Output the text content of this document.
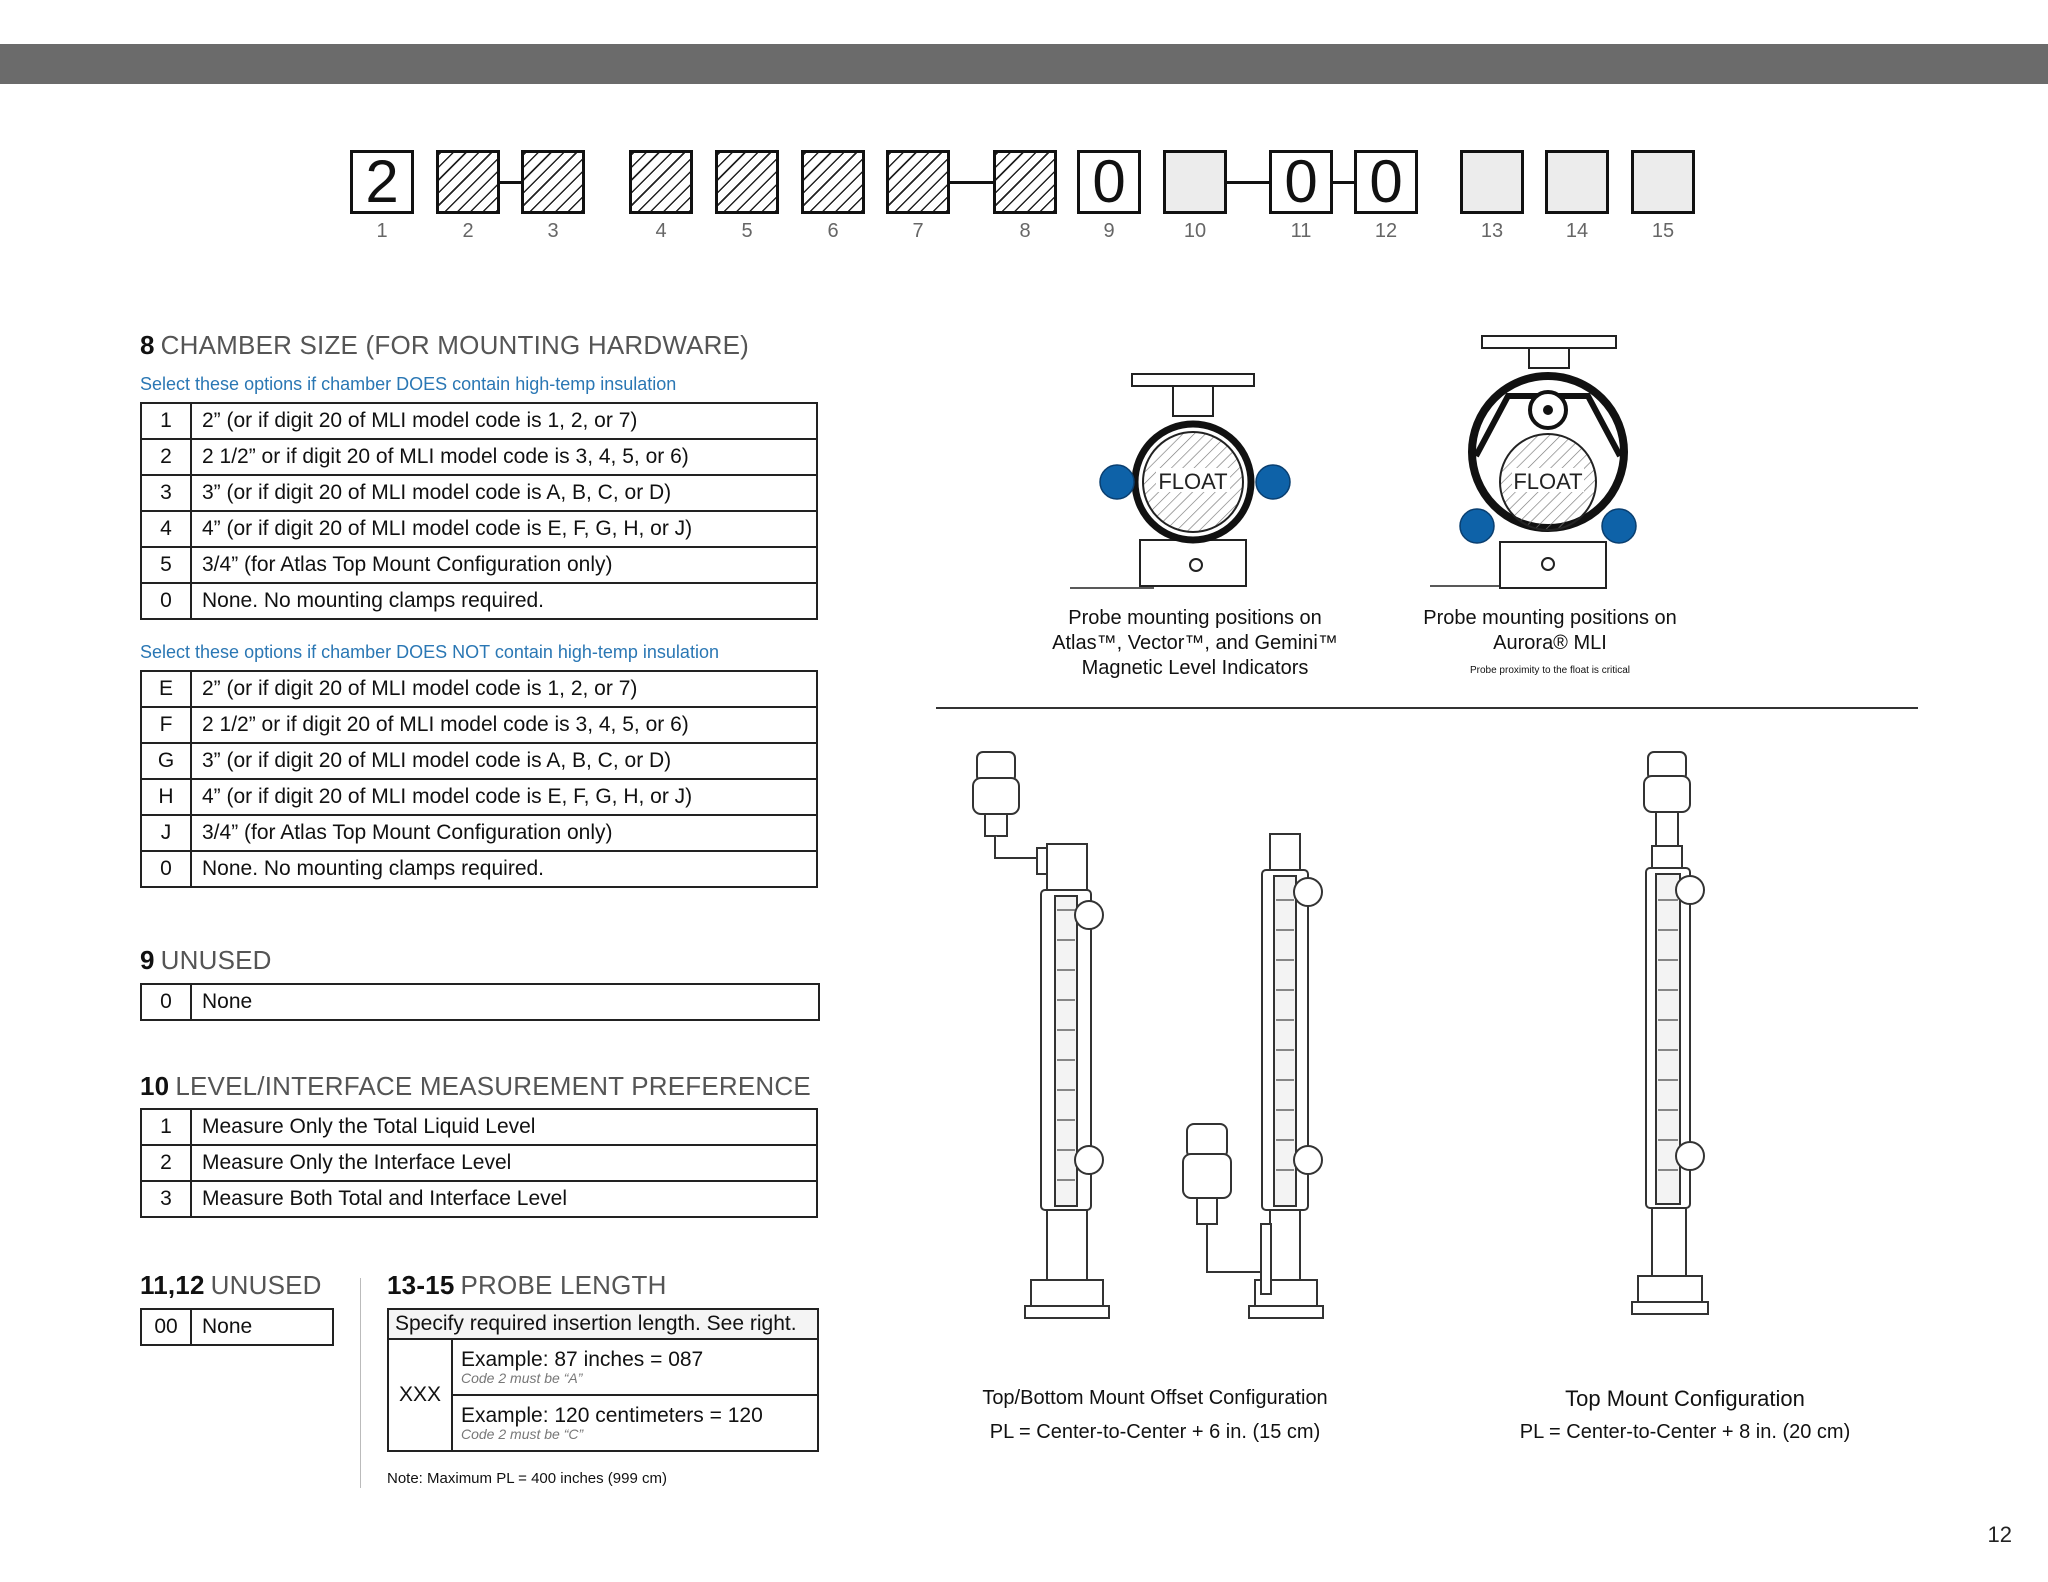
2
1	2	3	4	5	6	7	8
0
9	10
0
11
0
12	13	14	15
8 CHAMBER SIZE (FOR MOUNTING HARDWARE)
Select these options if chamber DOES contain high-temp insulation
1	2” (or if digit 20 of MLI model code is 1, 2, or 7)
2	2 1/2” or if digit 20 of MLI model code is 3, 4, 5, or 6)
3	3” (or if digit 20 of MLI model code is A, B, C, or D)
4	4” (or if digit 20 of MLI model code is E, F, G, H, or J)
5	3/4” (for Atlas Top Mount Configuration only)
0	None. No mounting clamps required.
Select these options if chamber DOES NOT contain high-temp insulation
E	2” (or if digit 20 of MLI model code is 1, 2, or 7)
F	2 1/2” or if digit 20 of MLI model code is 3, 4, 5, or 6)
G	3” (or if digit 20 of MLI model code is A, B, C, or D)
H	4” (or if digit 20 of MLI model code is E, F, G, H, or J)
J	3/4” (for Atlas Top Mount Configuration only)
0	None. No mounting clamps required.
9 UNUSED
0	None
10 LEVEL/INTERFACE MEASUREMENT PREFERENCE
1	Measure Only the Total Liquid Level
2	Measure Only the Interface Level
3	Measure Both Total and Interface Level
11,12 UNUSED
00	None
13-15 PROBE LENGTH
Specify required insertion length. See right.
XXX	
Example: 87 inches = 087
Code 2 must be “A”

Example: 120 centimeters = 120
Code 2 must be “C”
Note: Maximum PL = 400 inches (999 cm)
FLOAT	FLOAT
Probe mounting positions on Atlas™, Vector™, and Gemini™ Magnetic Level Indicators
Probe mounting positions on Aurora® MLI
Probe proximity to the float is critical
Top/Bottom Mount Offset Configuration
PL = Center-to-Center + 6 in. (15 cm)
Top Mount Configuration
PL = Center-to-Center + 8 in. (20 cm)
12
